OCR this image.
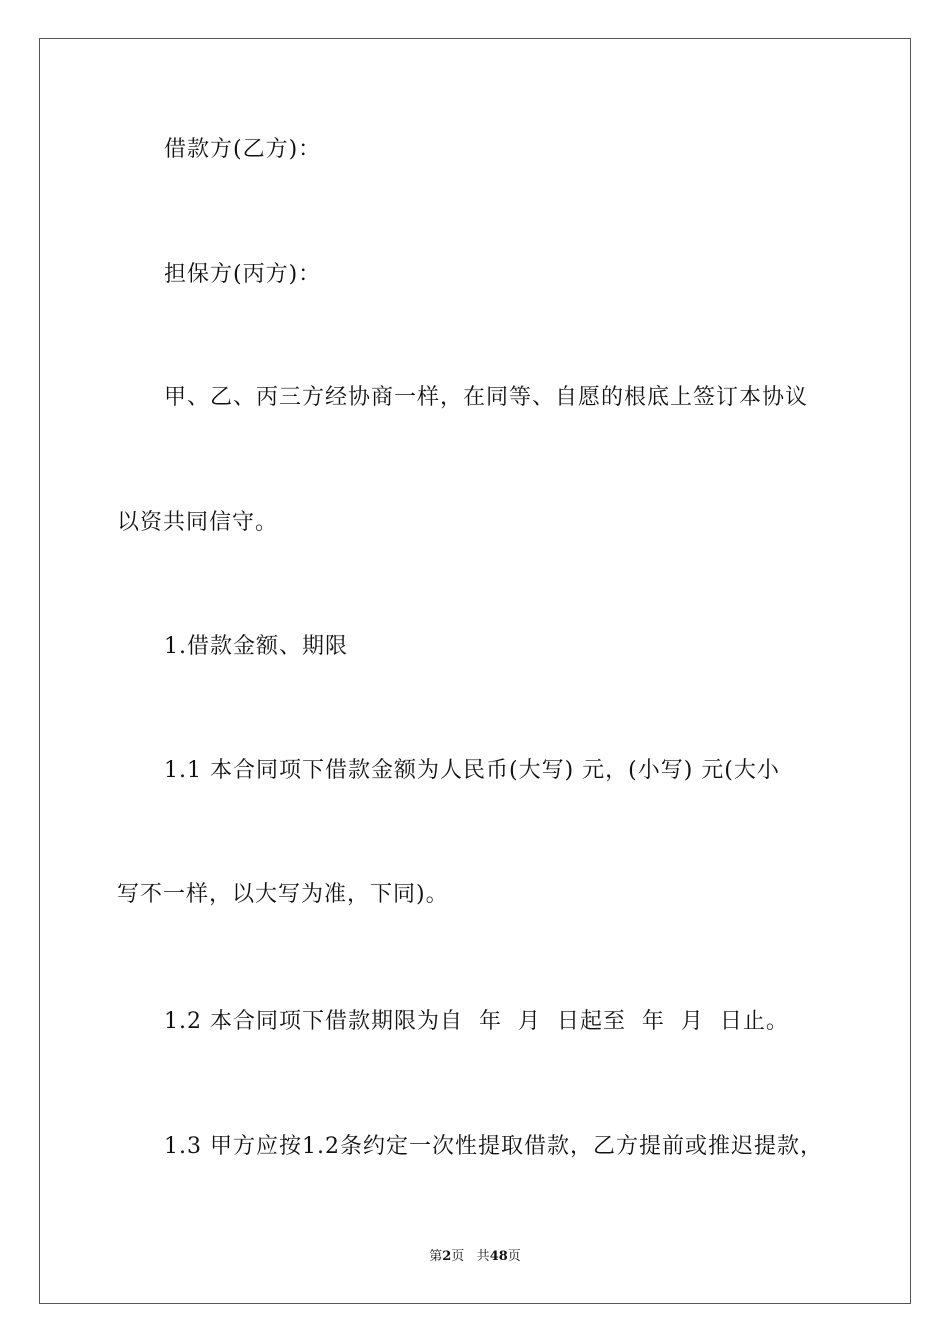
借款方(乙方)：
担保方(丙方)：
甲、乙、丙三方经协商一样，在同等、自愿的根底上签订本协议
以资共同信守。
1.借款金额、期限
1.1 本合同项下借款金额为人民币(大写) 元，(小写) 元(大小
写不一样，以大写为准，下同)。
1.2 本合同项下借款期限为自  年  月  日起至  年  月  日止。
1.3 甲方应按1.2条约定一次性提取借款，乙方提前或推迟提款，
第2页 共48页
